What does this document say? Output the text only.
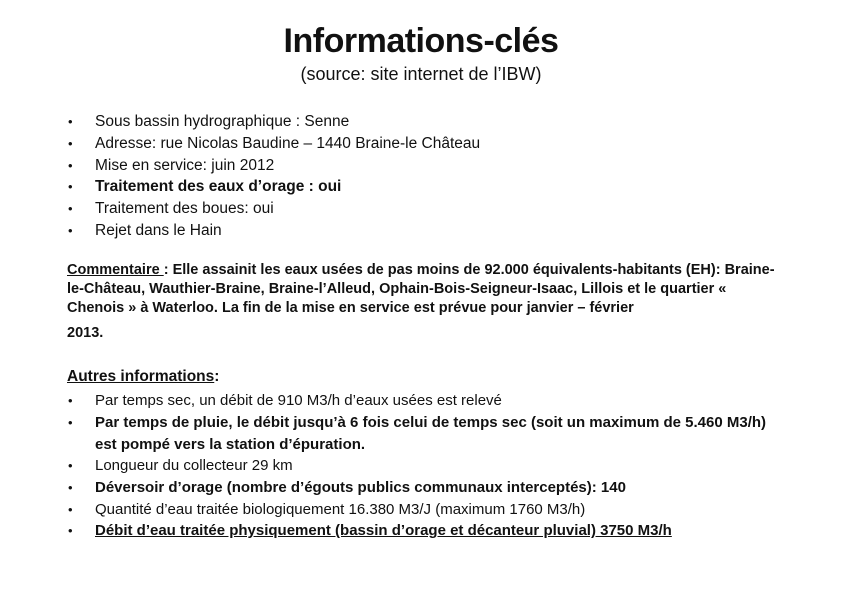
Informations-clés
(source: site internet de l’IBW)
•	Sous bassin hydrographique : Senne
•	Adresse: rue Nicolas Baudine – 1440 Braine-le Château
•	Mise en service: juin 2012
•	Traitement des eaux d’orage : oui
•	Traitement des boues: oui
•	Rejet dans le Hain

Commentaire : Elle assainit les eaux usées de pas moins de 92.000 équivalents-habitants (EH): Braine-le-Château, Wauthier-Braine, Braine-l’Alleud, Ophain-Bois-Seigneur-Isaac, Lillois et le quartier « Chenois » à Waterloo. La fin de la mise en service est prévue pour janvier – février

2013.

Autres informations:

•	Par temps sec, un débit de 910 M3/h d’eaux usées est relevé
•	Par temps de pluie, le débit jusqu’à 6 fois celui de temps sec (soit un maximum de 5.460 M3/h) est pompé vers la station d’épuration.
•	Longueur du collecteur 29 km
•	Déversoir d’orage (nombre d’égouts publics communaux interceptés): 140
•	Quantité d’eau traitée biologiquement 16.380 M3/J (maximum 1760 M3/h)
•	Débit d’eau traitée physiquement (bassin d’orage et décanteur pluvial) 3750 M3/h
